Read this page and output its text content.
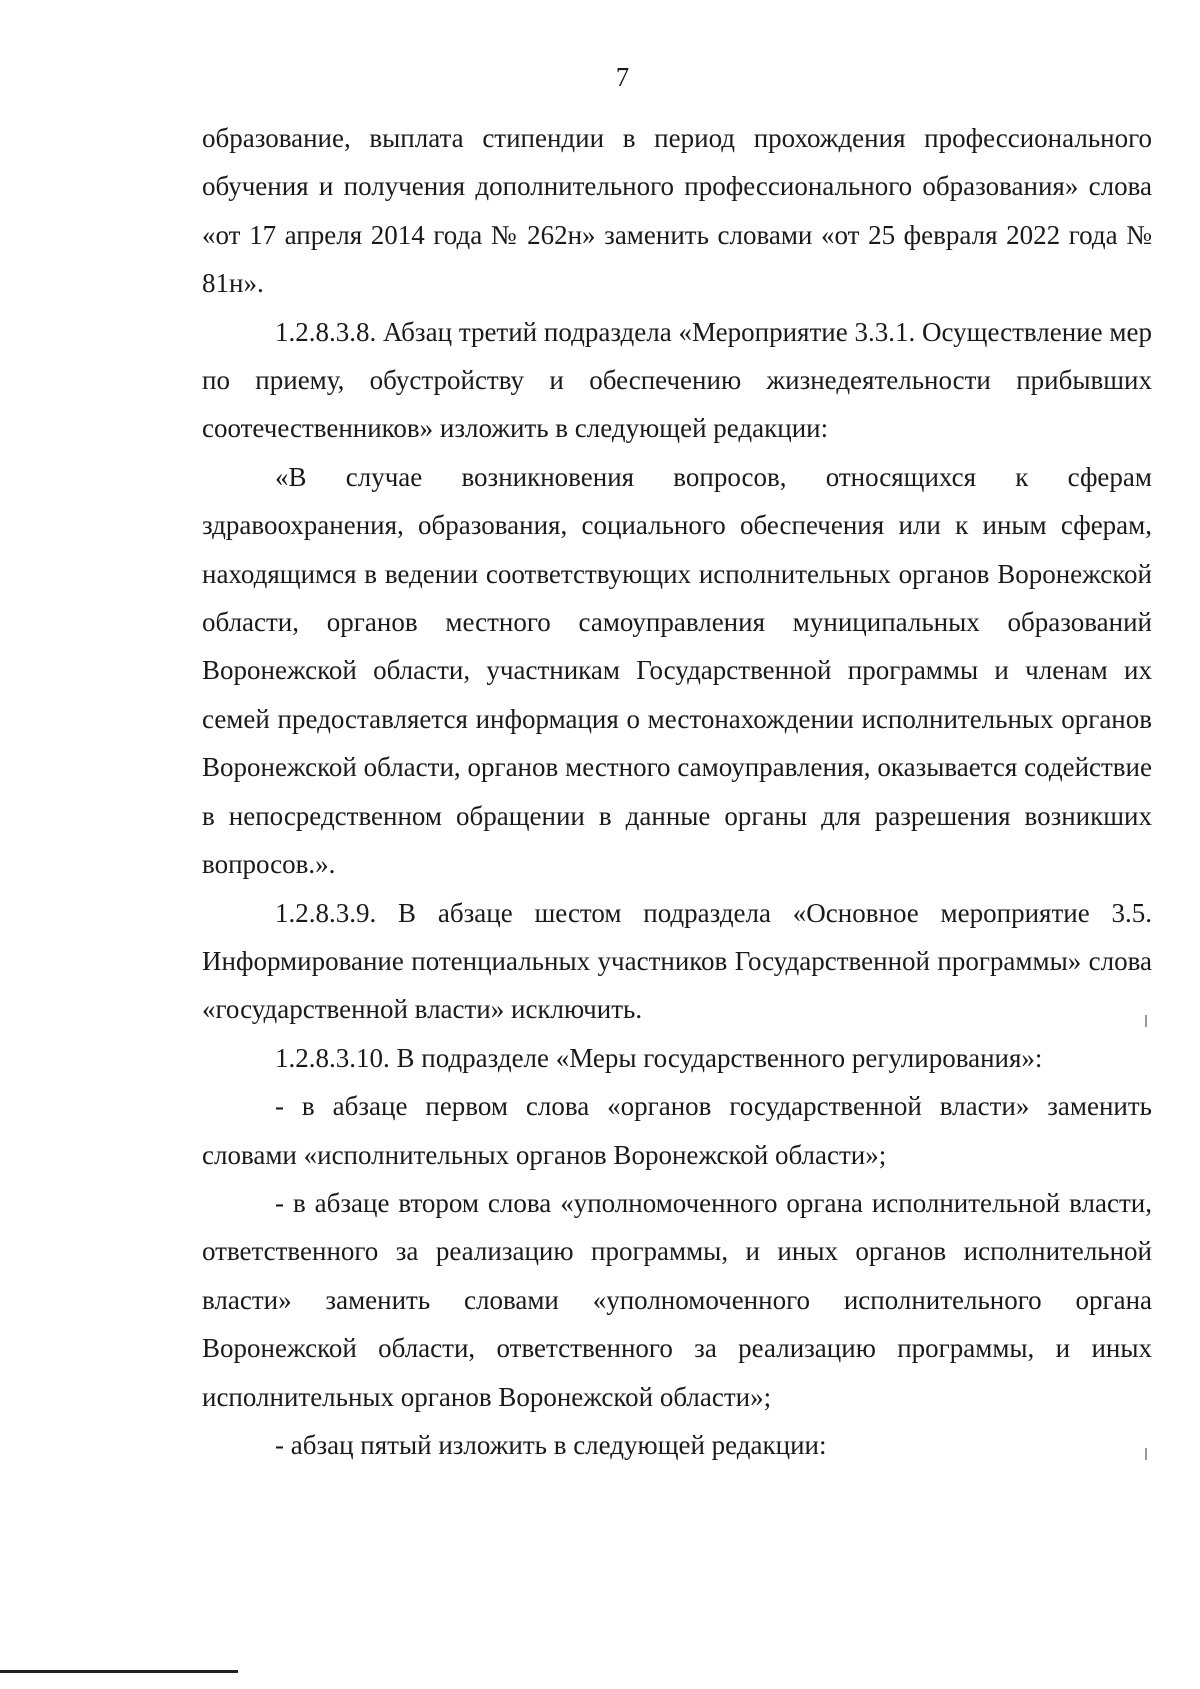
7

образование, выплата стипендии в период прохождения профессионального обучения и получения дополнительного профессионального образования» слова «от 17 апреля 2014 года № 262н» заменить словами «от 25 февраля 2022 года № 81н».

1.2.8.3.8. Абзац третий подраздела «Мероприятие 3.3.1. Осуществление мер по приему, обустройству и обеспечению жизнедеятельности прибывших соотечественников» изложить в следующей редакции:

«В случае возникновения вопросов, относящихся к сферам здравоохранения, образования, социального обеспечения или к иным сферам, находящимся в ведении соответствующих исполнительных органов Воронежской области, органов местного самоуправления муниципальных образований Воронежской области, участникам Государственной программы и членам их семей предоставляется информация о местонахождении исполнительных органов Воронежской области, органов местного самоуправления, оказывается содействие в непосредственном обращении в данные органы для разрешения возникших вопросов.».

1.2.8.3.9. В абзаце шестом подраздела «Основное мероприятие 3.5. Информирование потенциальных участников Государственной программы» слова «государственной власти» исключить.

1.2.8.3.10. В подразделе «Меры государственного регулирования»:

- в абзаце первом слова «органов государственной власти» заменить словами «исполнительных органов Воронежской области»;

- в абзаце втором слова «уполномоченного органа исполнительной власти, ответственного за реализацию программы, и иных органов исполнительной власти» заменить словами «уполномоченного исполнительного органа Воронежской области, ответственного за реализацию программы, и иных исполнительных органов Воронежской области»;

- абзац пятый изложить в следующей редакции:
